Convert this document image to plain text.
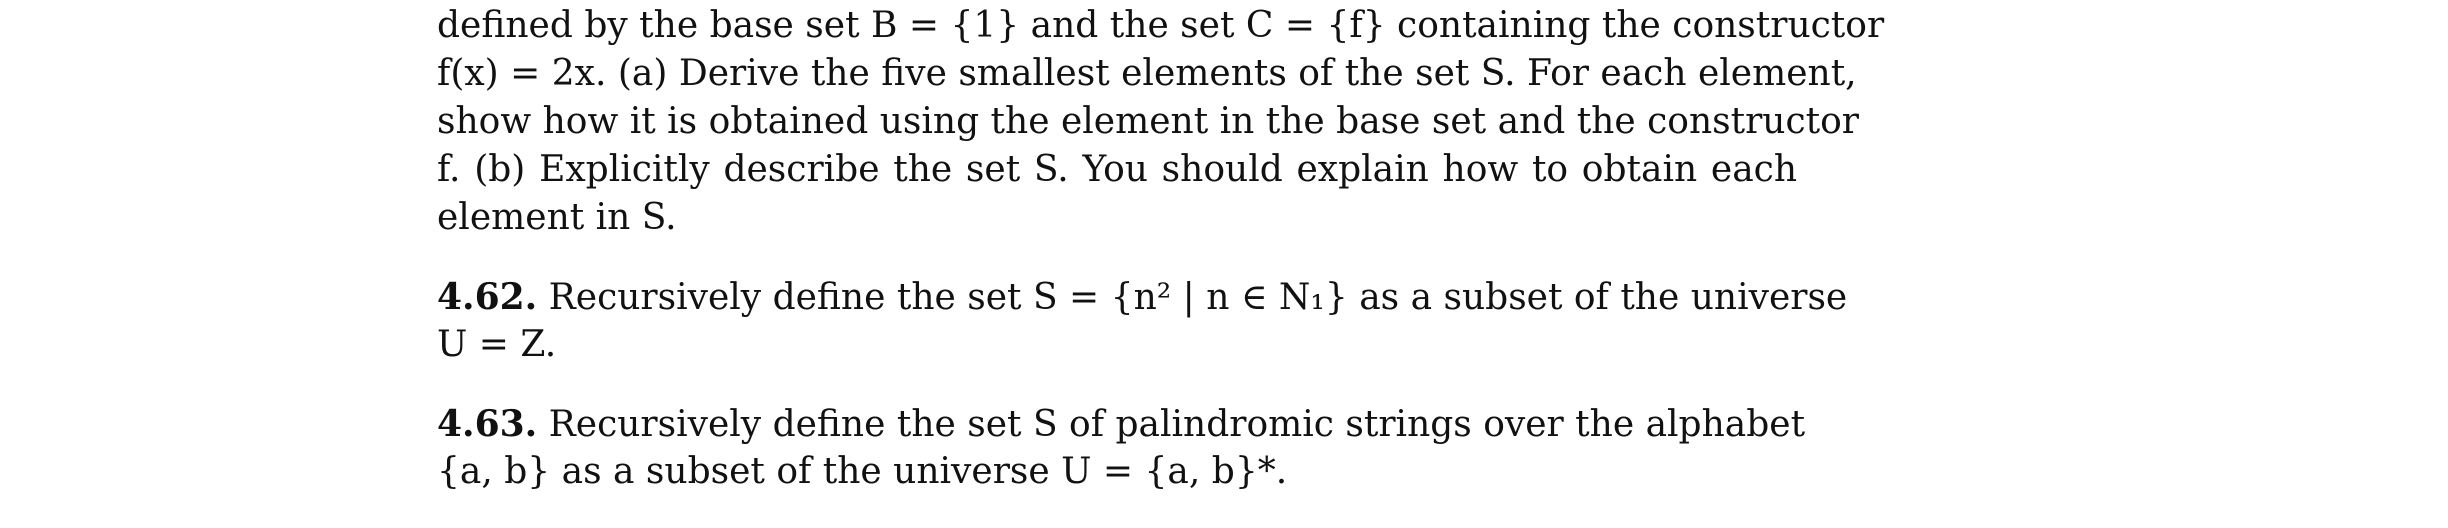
defined by the base set B = {1} and the set C = {f} containing the constructor
f(x) = 2x. (a) Derive the five smallest elements of the set S. For each element,
show how it is obtained using the element in the base set and the constructor
f. (b) Explicitly describe the set S. You should explain how to obtain each
element in S.
4.62. Recursively define the set S = {n² | n ∈ N₁} as a subset of the universe
U = Z.
4.63. Recursively define the set S of palindromic strings over the alphabet
{a, b} as a subset of the universe U = {a, b}*.
